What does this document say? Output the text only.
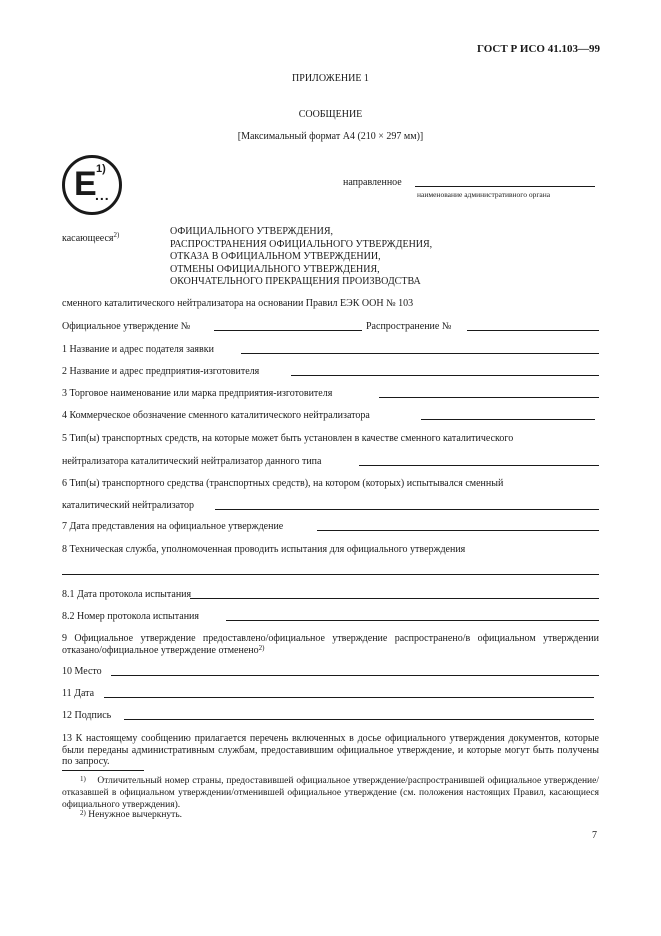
ГОСТ Р ИСО 41.103—99
ПРИЛОЖЕНИЕ 1
СООБЩЕНИЕ
[Максимальный формат А4 (210 × 297 мм)]
E 1)
...
направленное
наименование административного органа
касающееся$^{2)}$	ОФИЦИАЛЬНОГО УТВЕРЖДЕНИЯ,
РАСПРОСТРАНЕНИЯ ОФИЦИАЛЬНОГО УТВЕРЖДЕНИЯ,
ОТКАЗА В ОФИЦИАЛЬНОМ УТВЕРЖДЕНИИ,
ОТМЕНЫ ОФИЦИАЛЬНОГО УТВЕРЖДЕНИЯ,
ОКОНЧАТЕЛЬНОГО ПРЕКРАЩЕНИЯ ПРОИЗВОДСТВА
сменного каталитического нейтрализатора на основании Правил ЕЭК ООН № 103
Официальное утверждение №	Распространение №
1 Название и адрес подателя заявки
2 Название и адрес предприятия-изготовителя
3 Торговое наименование или марка предприятия-изготовителя
4 Коммерческое обозначение сменного каталитического нейтрализатора
5 Тип(ы) транспортных средств, на которые может быть установлен в качестве сменного каталитического
нейтрализатора каталитический нейтрализатор данного типа
6 Тип(ы) транспортного средства (транспортных средств), на котором (которых) испытывался сменный
каталитический нейтрализатор
7 Дата представления на официальное утверждение
8 Техническая служба, уполномоченная проводить испытания для официального утверждения
8.1 Дата протокола испытания
8.2 Номер протокола испытания
9 Официальное утверждение предоставлено/официальное утверждение распространено/в официальном утверждении отказано/официальное утверждение отменено$^{2)}$
10 Место
11 Дата
12 Подпись
13 К настоящему сообщению прилагается перечень включенных в досье официального утверждения документов, которые были переданы административным службам, предоставившим официальное утверждение, и которые могут быть получены по запросу.
$^{1)}$ Отличительный номер страны, предоставившей официальное утверждение/распространившей официальное утверждение/отказавшей в официальном утверждении/отменившей официальное утверждение (см. положения настоящих Правил, касающиеся официального утверждения).
$^{2)}$ Ненужное вычеркнуть.
7
